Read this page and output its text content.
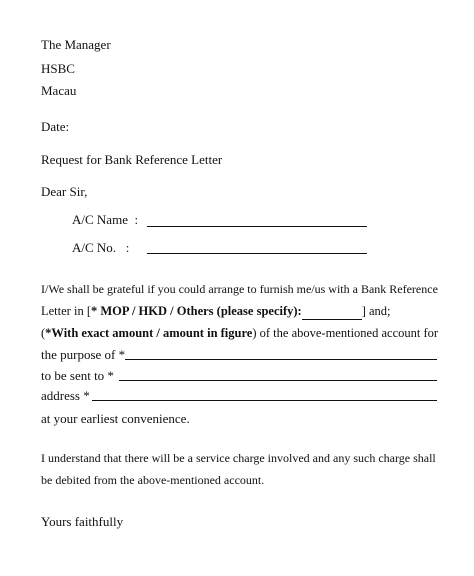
The Manager
HSBC
Macau
Date:
Request for Bank Reference Letter
Dear Sir,
A/C Name  :
A/C No.   :
I/We shall be grateful if you could arrange to furnish me/us with a Bank Reference
Letter in [* MOP / HKD / Others (please specify):	] and;
(*With exact amount / amount in figure) of the above-mentioned account for
the purpose of *
to be sent to *
address *
at your earliest convenience.
I understand that there will be a service charge involved and any such charge shall
be debited from the above-mentioned account.
Yours faithfully
